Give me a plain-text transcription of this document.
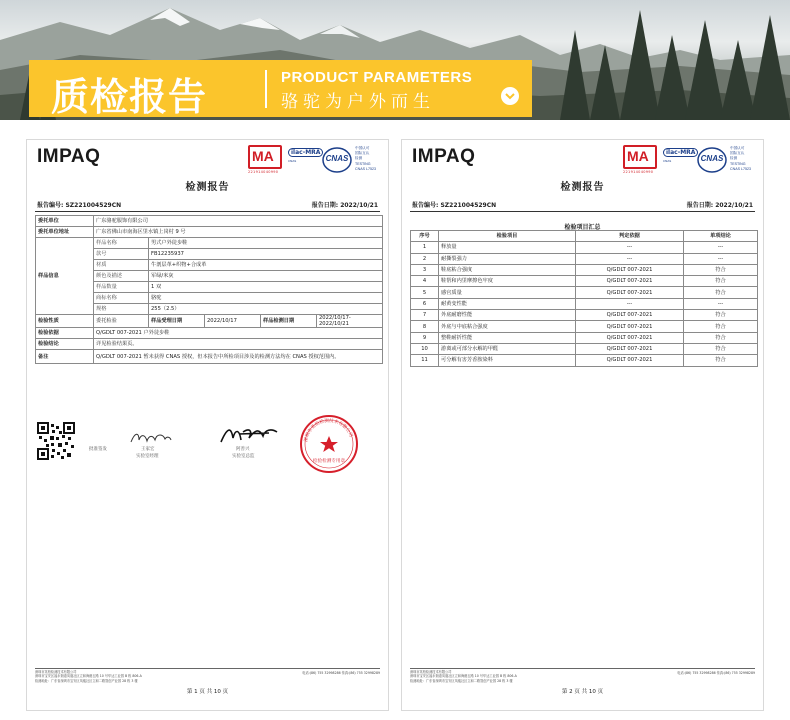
质检报告	PRODUCT PARAMETERS
骆驼为户外而生
IMPAQ	MA
221914040990
ilac-MRA
CNAS	CNAS
中国认可
国际互认
检测
TESTING
CNAS L7523
检测报告
报告编号: SZ221004529CN	报告日期: 2022/10/21
委托单位	广东骆驼服饰有限公司				
委托单位地址	广东省佛山市南海区里水镇上岗村 9 号				
样品信息	样品名称	男式户外徒步鞋			
	款号	FB12235937			
	材质	牛剖层革+织物+合成革			
	颜色及描述	军绿/米灰			
	样品数量	1 双			
	商标名称	骆驼			
	规格	255（2.5）			
检验性质	委托检验	样品受理日期	2022/10/17	样品检测日期	2022/10/17-2022/10/21
检验依据	Q/GDLT 007-2021 户外徒步鞋				
检验结论	详见检验结果页。				
备注	Q/GDLT 007-2021 暂未获得 CNAS 授权，但本报告中所检项目涉及的检测方法均在 CNAS 授权范围内。				
批准签发	王家宏
实验室经理
阿善兴
实验室总监
深圳市英柏检测技术有限公司
检验检测专用章
深圳市英柏检测技术有限公司
深圳市宝安区福永街道凤凰社区立和海港五路 10 号华达工业园 B 栋 806-A
检测地址：广东省深圳市宝安区凤凰社区立和二路智创产业园 28 栋 3 楼
电话:(86) 755 32998286 传真:(86) 755 32998289
第 1 页 共 10 页
IMPAQ	MA
221914040990
ilac-MRA
CNAS	CNAS
中国认可
国际互认
检测
TESTING
CNAS L7523
检测报告
报告编号: SZ221004529CN	报告日期: 2022/10/21
检验项目汇总
序号	检验项目	判定依据	单项结论
1	释放量	---	---
2	耐撕裂强力	---	---
3	鞋底粘合强度	Q/GDLT 007-2021	符合
4	鞋帮和内里摩擦色牢度	Q/GDLT 007-2021	符合
5	感官质量	Q/GDLT 007-2021	符合
6	耐黄变性能	---	---
7	外底耐磨性能	Q/GDLT 007-2021	符合
8	外底与中底粘合强度	Q/GDLT 007-2021	符合
9	整鞋耐折性能	Q/GDLT 007-2021	符合
10	游离或可部分水解的甲醛	Q/GDLT 007-2021	符合
11	可分解有害芳香胺染料	Q/GDLT 007-2021	符合
深圳市英柏检测技术有限公司
深圳市宝安区福永街道凤凰社区立和海港五路 10 号华达工业园 B 栋 806-A
检测地址：广东省深圳市宝安区凤凰社区立和二路智创产业园 28 栋 3 楼
电话:(86) 755 32998286 传真:(86) 755 32998289
第 2 页 共 10 页
